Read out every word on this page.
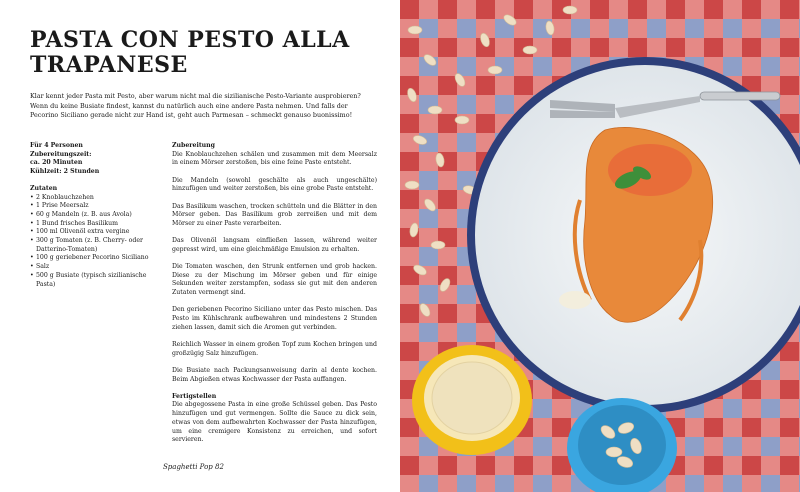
PASTA CON PESTO ALLA TRAPANESE

Klar kennt jeder Pasta mit Pesto, aber warum nicht mal die sizilianische Pesto-Variante ausprobieren? Wenn du keine Busiate findest, kannst du natürlich auch eine andere Pasta nehmen. Und falls der Pecorino Siciliano gerade nicht zur Hand ist, geht auch Parmesan – schmeckt genauso buonissimo!

Für 4 Personen
Zubereitungszeit:
ca. 20 Minuten
Kühlzeit: 2 Stunden
Zutaten
• 2 Knoblauchzehen
• 1 Prise Meersalz
• 60 g Mandeln (z. B. aus Avola)
• 1 Bund frisches Basilikum
• 100 ml Olivenöl extra vergine
• 300 g Tomaten (z. B. Cherry- oder Datterino-Tomaten)
• 100 g geriebener Pecorino Siciliano
• Salz
• 500 g Busiate (typisch sizilianische Pasta)
Zubereitung

Die Knoblauchzehen schälen und zusammen mit dem Meersalz in einem Mörser zerstoßen, bis eine feine Paste entsteht.

Die Mandeln (sowohl geschälte als auch ungeschälte) hinzufügen und weiter zerstoßen, bis eine grobe Paste entsteht.

Das Basilikum waschen, trocken schütteln und die Blätter in den Mörser geben. Das Basilikum grob zerreißen und mit dem Mörser zu einer Paste verarbeiten.

Das Olivenöl langsam einfließen lassen, während weiter gepresst wird, um eine gleichmäßige Emulsion zu erhalten.

Die Tomaten waschen, den Strunk entfernen und grob hacken. Diese zu der Mischung im Mörser geben und für einige Sekunden weiter zerstampfen, sodass sie gut mit den anderen Zutaten vermengt sind.

Den geriebenen Pecorino Siciliano unter das Pesto mischen. Das Pesto im Kühlschrank aufbewahren und mindestens 2 Stunden ziehen lassen, damit sich die Aromen gut verbinden.

Reichlich Wasser in einem großen Topf zum Kochen bringen und großzügig Salz hinzufügen.

Die Busiate nach Packungsanweisung darin al dente kochen. Beim Abgießen etwas Kochwasser der Pasta auffangen.

Fertigstellen

Die abgegossene Pasta in eine große Schüssel geben. Das Pesto hinzufügen und gut vermengen. Sollte die Sauce zu dick sein, etwas von dem aufbewahrten Kochwasser der Pasta hinzufügen, um eine cremigere Konsistenz zu erreichen, und sofort servieren.

Spaghetti Pop 82
